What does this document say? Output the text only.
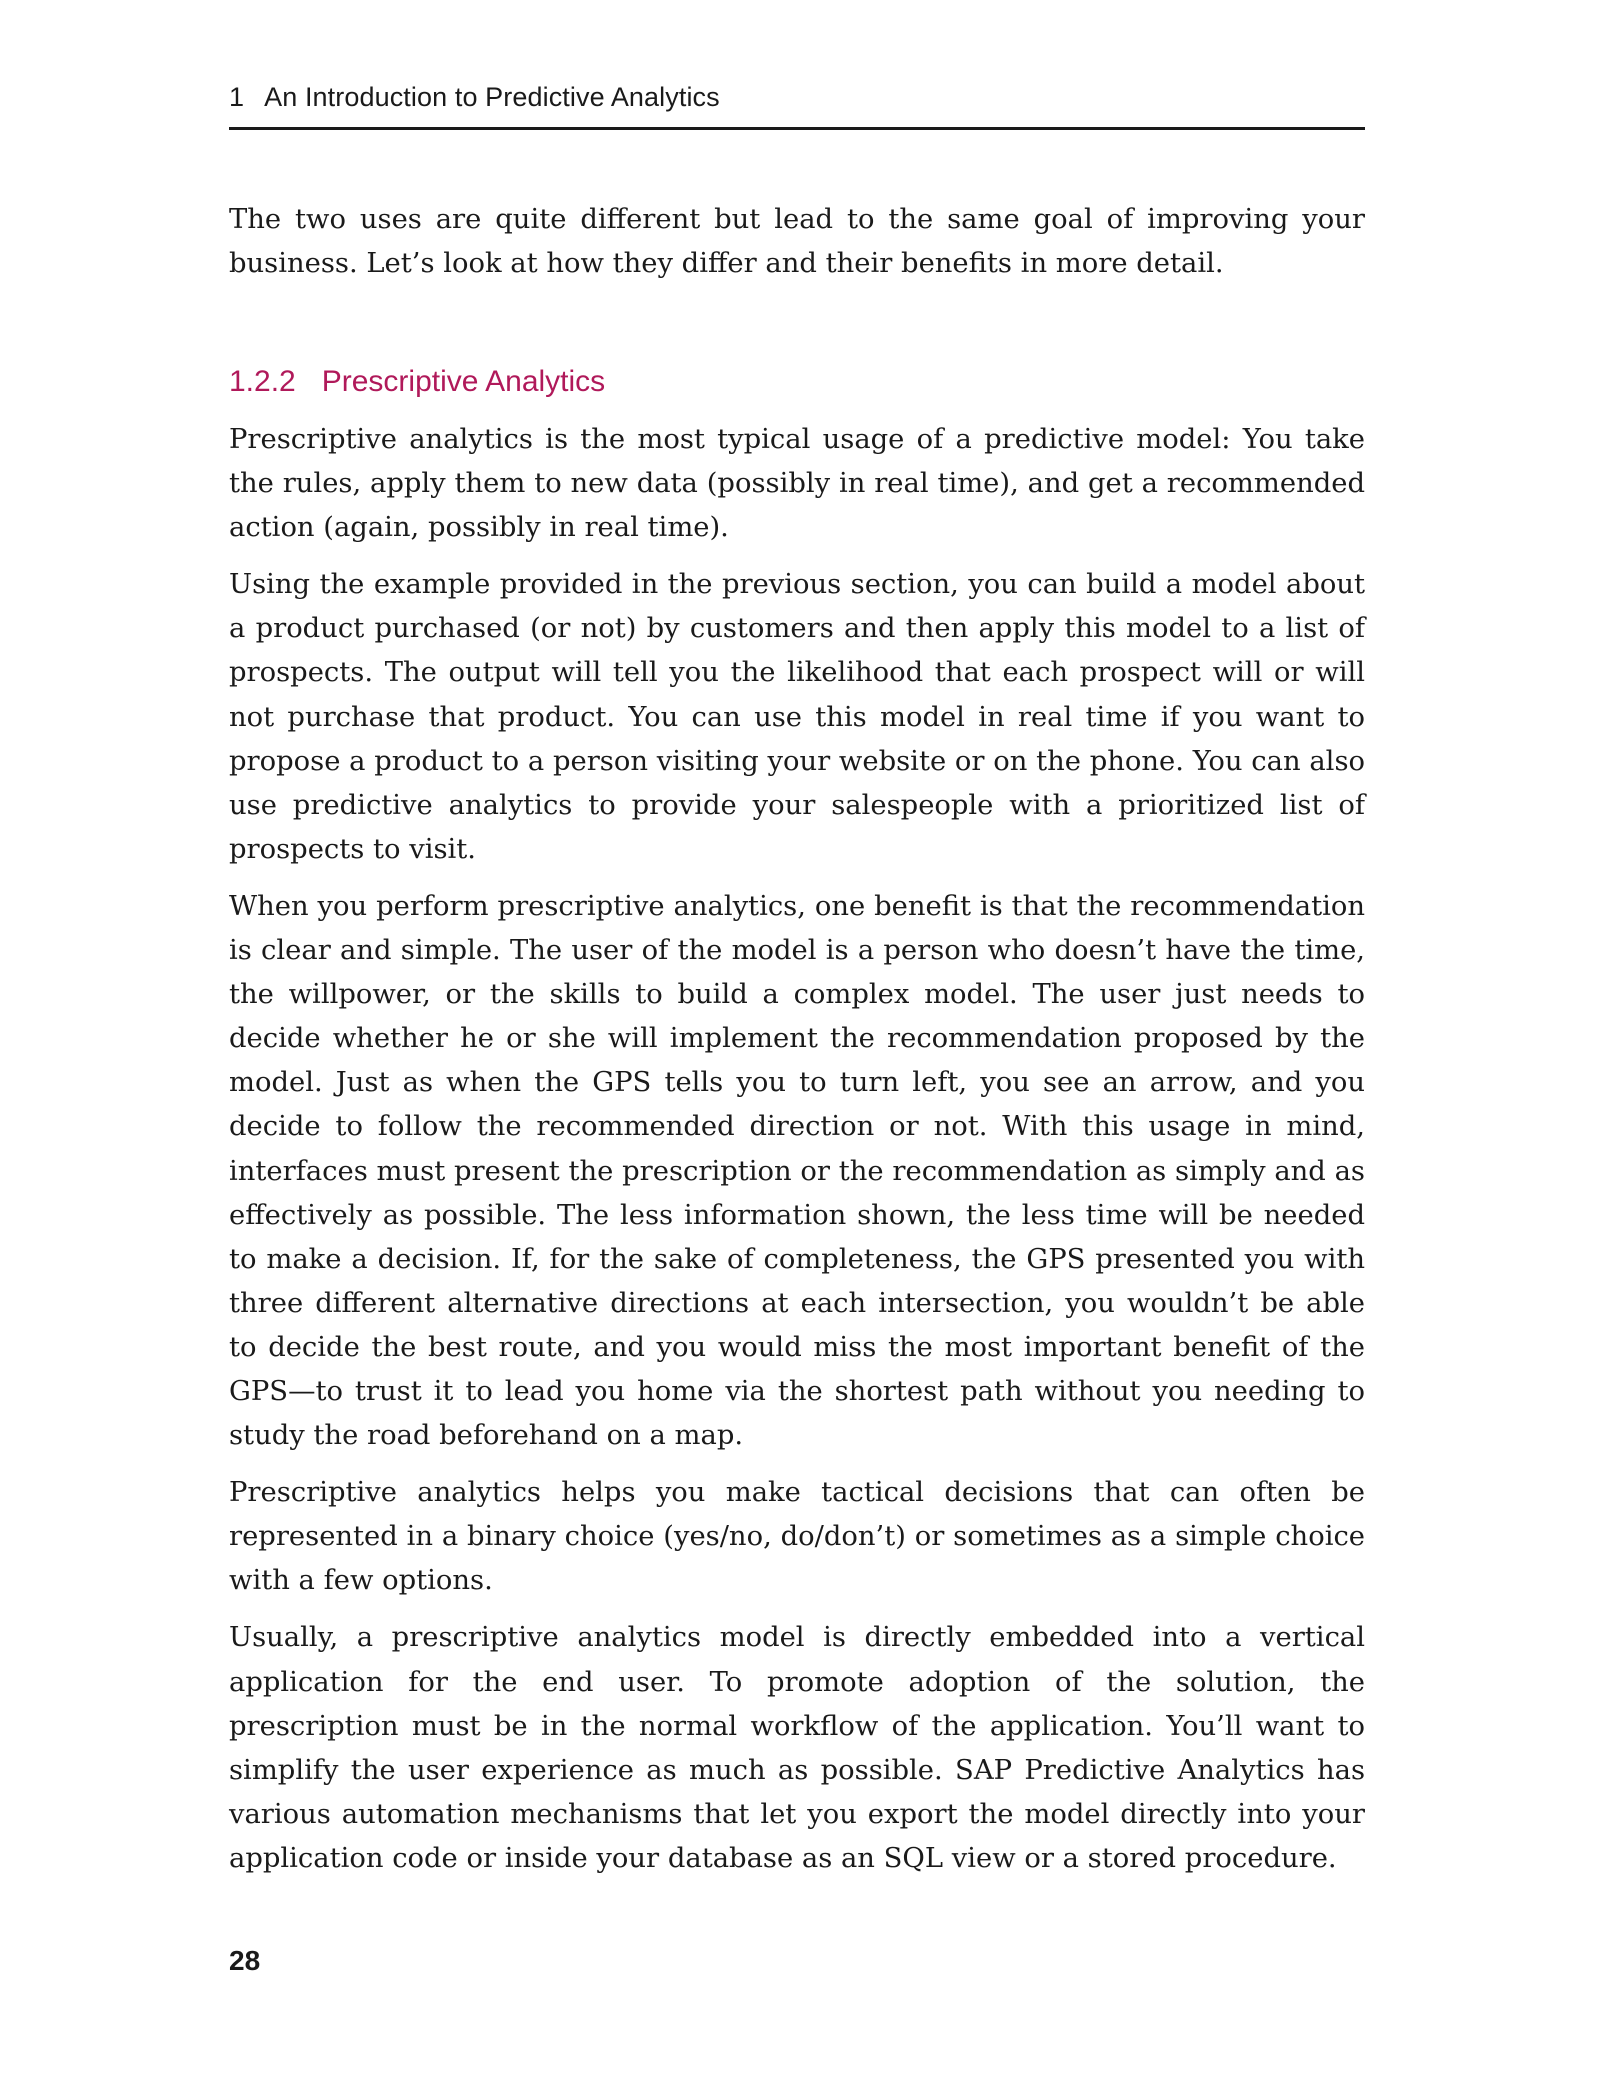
1 An Introduction to Predictive Analytics

The two uses are quite different but lead to the same goal of improving your business. Let’s look at how they differ and their benefits in more detail.

1.2.2 Prescriptive Analytics

Prescriptive analytics is the most typical usage of a predictive model: You take the rules, apply them to new data (possibly in real time), and get a recommended action (again, possibly in real time).

Using the example provided in the previous section, you can build a model about a product purchased (or not) by customers and then apply this model to a list of prospects. The output will tell you the likelihood that each prospect will or will not purchase that product. You can use this model in real time if you want to propose a product to a person visiting your website or on the phone. You can also use predictive analytics to provide your salespeople with a prioritized list of prospects to visit.

When you perform prescriptive analytics, one benefit is that the recommendation is clear and simple. The user of the model is a person who doesn’t have the time, the willpower, or the skills to build a complex model. The user just needs to decide whether he or she will implement the recommendation proposed by the model. Just as when the GPS tells you to turn left, you see an arrow, and you decide to follow the recommended direction or not. With this usage in mind, interfaces must present the prescription or the recommendation as simply and as effectively as possible. The less information shown, the less time will be needed to make a decision. If, for the sake of completeness, the GPS presented you with three different alternative directions at each intersection, you wouldn’t be able to decide the best route, and you would miss the most important benefit of the GPS—to trust it to lead you home via the shortest path without you needing to study the road beforehand on a map.

Prescriptive analytics helps you make tactical decisions that can often be represented in a binary choice (yes/no, do/don’t) or sometimes as a simple choice with a few options.

Usually, a prescriptive analytics model is directly embedded into a vertical application for the end user. To promote adoption of the solution, the prescription must be in the normal workflow of the application. You’ll want to simplify the user experience as much as possible. SAP Predictive Analytics has various automation mechanisms that let you export the model directly into your application code or inside your database as an SQL view or a stored procedure.

28
